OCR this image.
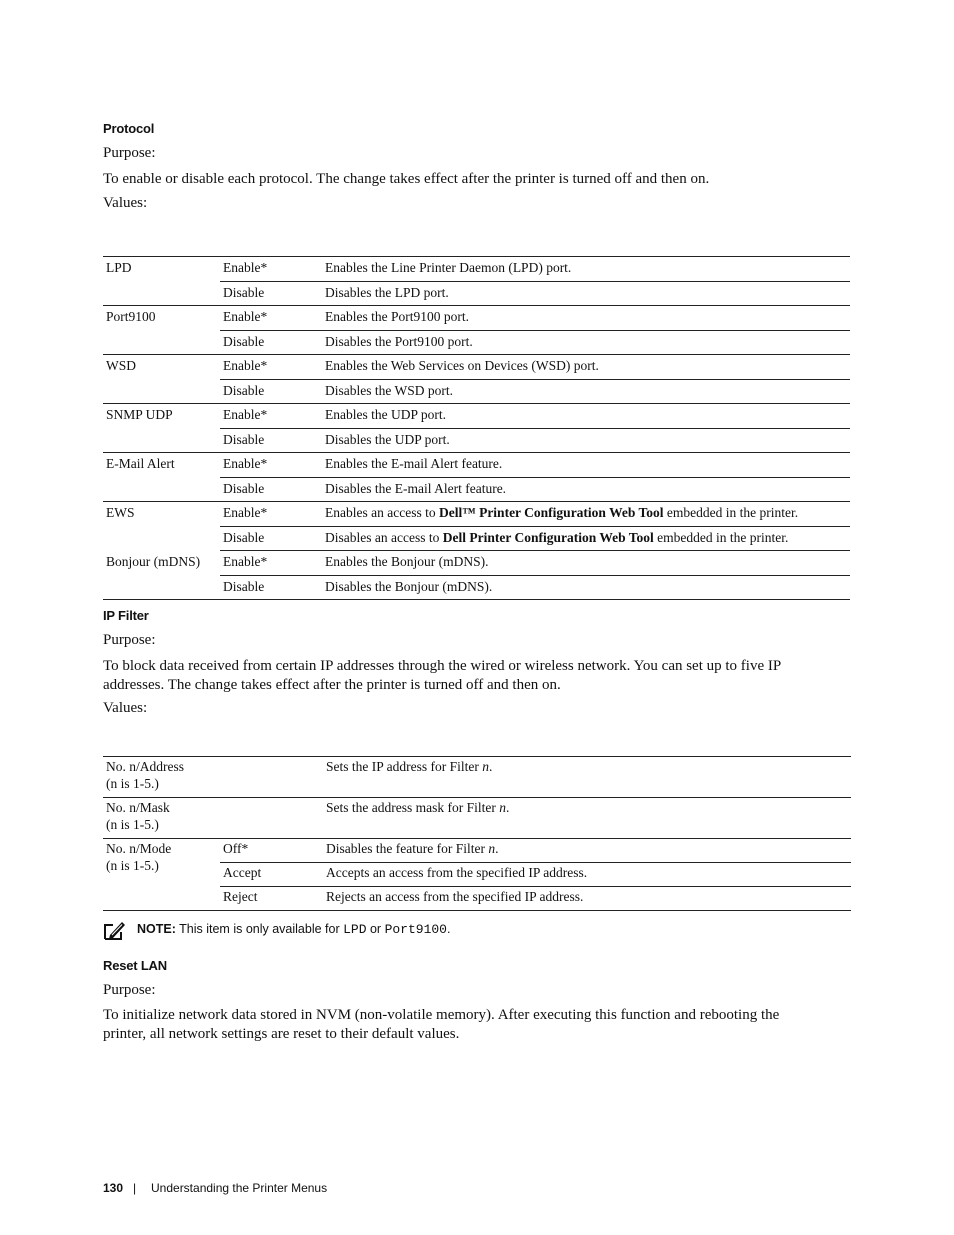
Protocol
Purpose:
To enable or disable each protocol. The change takes effect after the printer is turned off and then on.
Values:
LPD	Enable*	Enables the Line Printer Daemon (LPD) port.
	Disable	Disables the LPD port.
Port9100	Enable*	Enables the Port9100 port.
	Disable	Disables the Port9100 port.
WSD	Enable*	Enables the Web Services on Devices (WSD) port.
	Disable	Disables the WSD port.
SNMP UDP	Enable*	Enables the UDP port.
	Disable	Disables the UDP port.
E-Mail Alert	Enable*	Enables the E-mail Alert feature.
	Disable	Disables the E-mail Alert feature.
EWS	Enable*	Enables an access to Dell™ Printer Configuration Web Tool embedded in the printer.
	Disable	Disables an access to Dell Printer Configuration Web Tool embedded in the printer.
Bonjour (mDNS)	Enable*	Enables the Bonjour (mDNS).
	Disable	Disables the Bonjour (mDNS).
IP Filter
Purpose:
To block data received from certain IP addresses through the wired or wireless network. You can set up to five IP
addresses. The change takes effect after the printer is turned off and then on.
Values:
No. n/Address
(n is 1-5.)		Sets the IP address for Filter n.

No. n/Mask
(n is 1-5.)		Sets the address mask for Filter n.

No. n/Mode
(n is 1-5.)	Off*	Disables the feature for Filter n.
	Accept	Accepts an access from the specified IP address.
	Reject	Rejects an access from the specified IP address.
NOTE: This item is only available for LPD or Port9100.
Reset LAN
Purpose:
To initialize network data stored in NVM (non-volatile memory). After executing this function and rebooting the
printer, all network settings are reset to their default values.
130 | Understanding the Printer Menus
